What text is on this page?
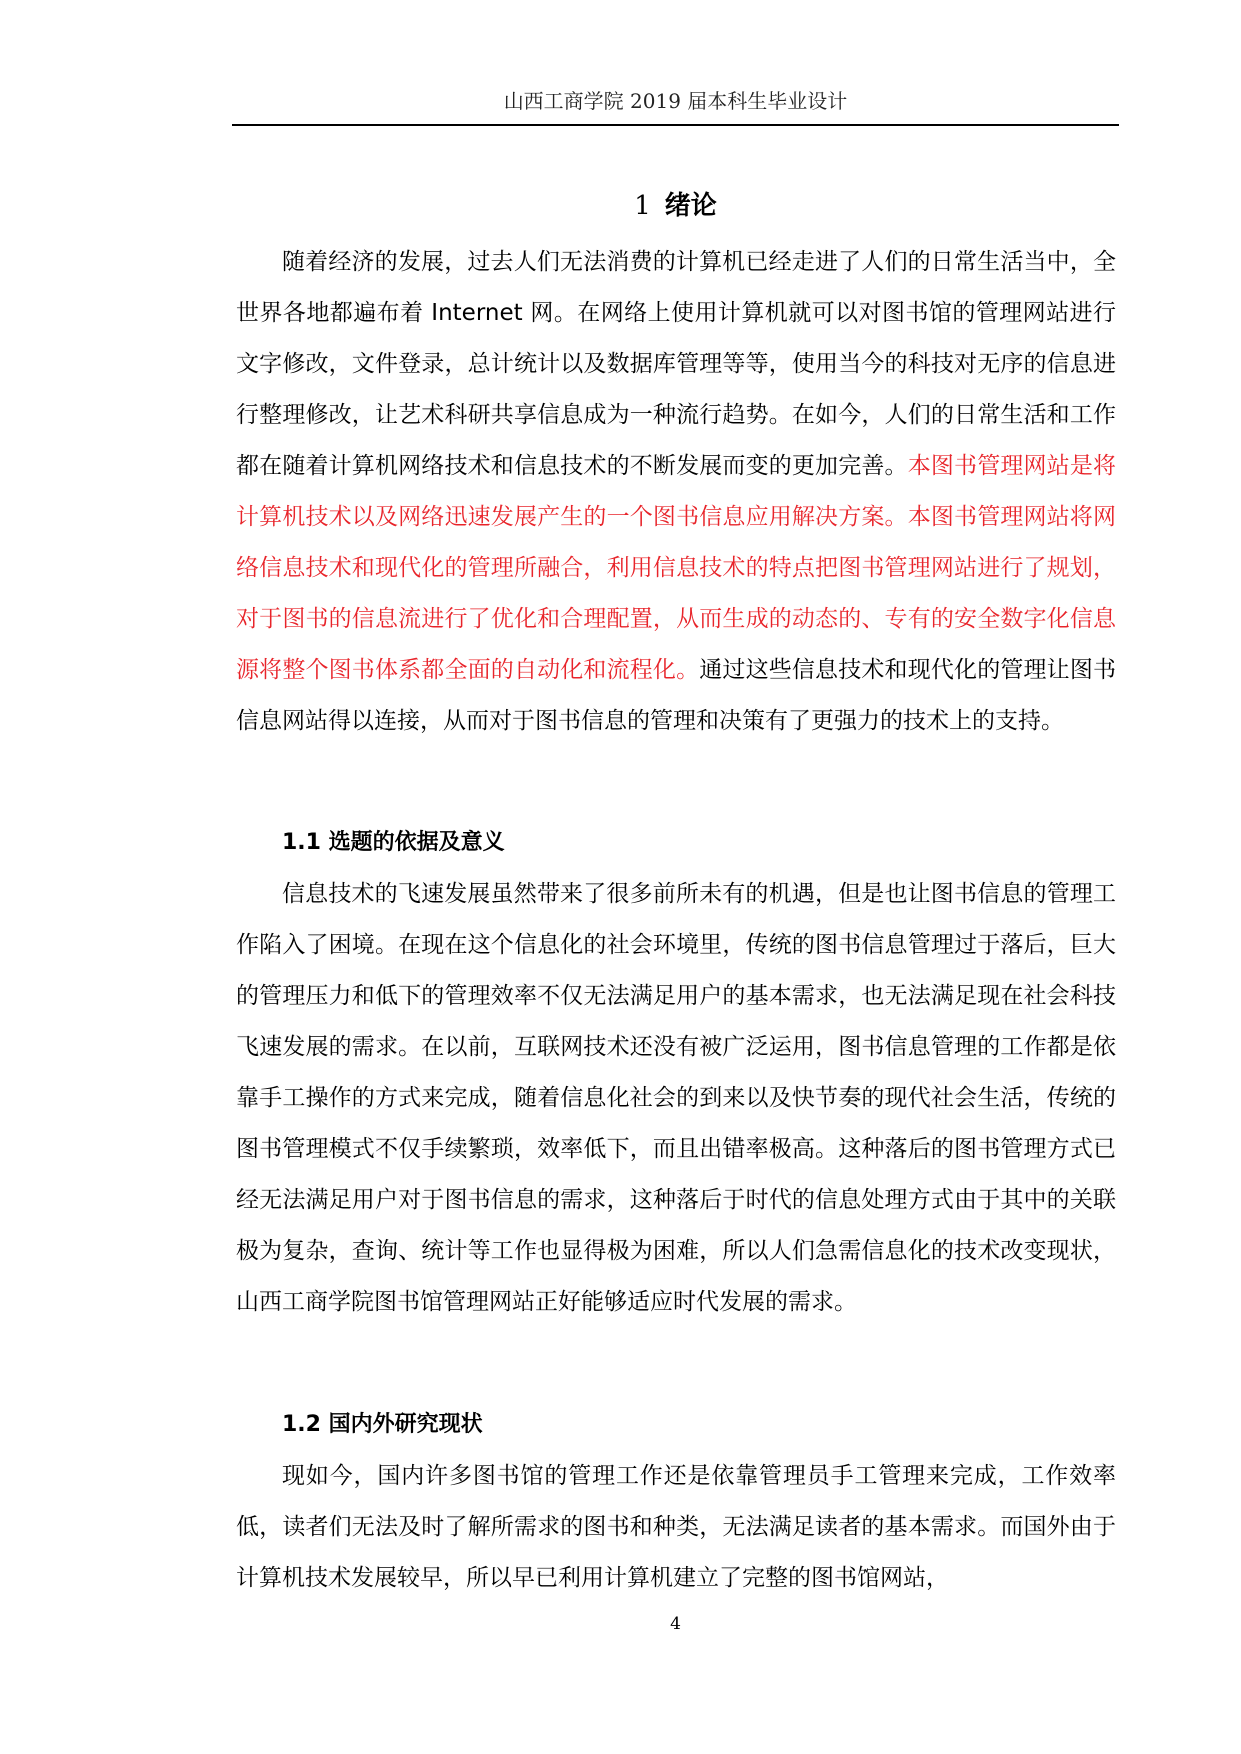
山西工商学院 2019 届本科生毕业设计
1 绪论

随着经济的发展，过去人们无法消费的计算机已经走进了人们的日常生活当中，全世界各地都遍布着 Internet 网。在网络上使用计算机就可以对图书馆的管理网站进行文字修改，文件登录，总计统计以及数据库管理等等，使用当今的科技对无序的信息进行整理修改，让艺术科研共享信息成为一种流行趋势。在如今，人们的日常生活和工作都在随着计算机网络技术和信息技术的不断发展而变的更加完善。本图书管理网站是将计算机技术以及网络迅速发展产生的一个图书信息应用解决方案。本图书管理网站将网络信息技术和现代化的管理所融合，利用信息技术的特点把图书管理网站进行了规划，对于图书的信息流进行了优化和合理配置，从而生成的动态的、专有的安全数字化信息源将整个图书体系都全面的自动化和流程化。通过这些信息技术和现代化的管理让图书信息网站得以连接，从而对于图书信息的管理和决策有了更强力的技术上的支持。

1.1 选题的依据及意义

信息技术的飞速发展虽然带来了很多前所未有的机遇，但是也让图书信息的管理工作陷入了困境。在现在这个信息化的社会环境里，传统的图书信息管理过于落后，巨大的管理压力和低下的管理效率不仅无法满足用户的基本需求，也无法满足现在社会科技飞速发展的需求。在以前，互联网技术还没有被广泛运用，图书信息管理的工作都是依靠手工操作的方式来完成，随着信息化社会的到来以及快节奏的现代社会生活，传统的图书管理模式不仅手续繁琐，效率低下，而且出错率极高。这种落后的图书管理方式已经无法满足用户对于图书信息的需求，这种落后于时代的信息处理方式由于其中的关联极为复杂，查询、统计等工作也显得极为困难，所以人们急需信息化的技术改变现状，山西工商学院图书馆管理网站正好能够适应时代发展的需求。

1.2 国内外研究现状

现如今，国内许多图书馆的管理工作还是依靠管理员手工管理来完成，工作效率低，读者们无法及时了解所需求的图书和种类，无法满足读者的基本需求。而国外由于计算机技术发展较早，所以早已利用计算机建立了完整的图书馆网站，

4
